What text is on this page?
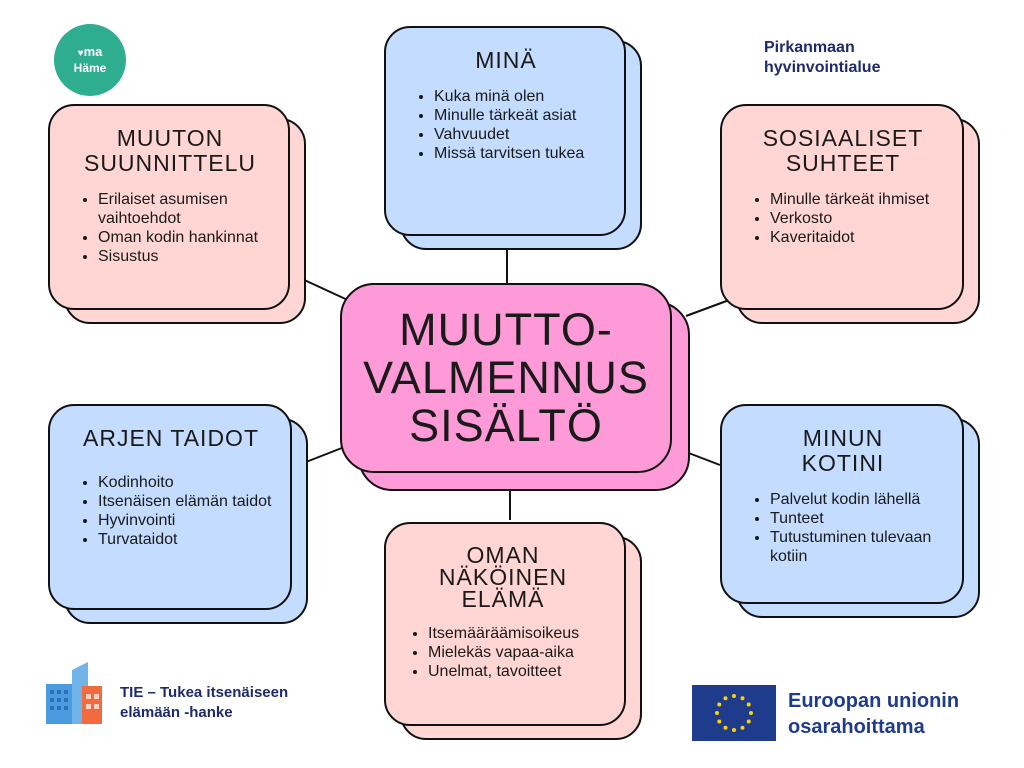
♥ma
Häme
Pirkanmaan
hyvinvointialue
MINÄ
• Kuka minä olen
• Minulle tärkeät asiat
• Vahvuudet
• Missä tarvitsen tukea
MUUTON
SUUNNITTELU
• Erilaiset asumisen vaihtoehdot
• Oman kodin hankinnat
• Sisustus
SOSIAALISET
SUHTEET
• Minulle tärkeät ihmiset
• Verkosto
• Kaveritaidot
MUUTTO-
VALMENNUS
SISÄLTÖ
ARJEN TAIDOT
• Kodinhoito
• Itsenäisen elämän taidot
• Hyvinvointi
• Turvataidot
MINUN
KOTINI
• Palvelut kodin lähellä
• Tunteet
• Tutustuminen tulevaan kotiin
OMAN
NÄKÖINEN
ELÄMÄ
• Itsemääräämisoikeus
• Mielekäs vapaa-aika
• Unelmat, tavoitteet
TIE – Tukea itsenäiseen
elämään -hanke
Euroopan unionin
osarahoittama
